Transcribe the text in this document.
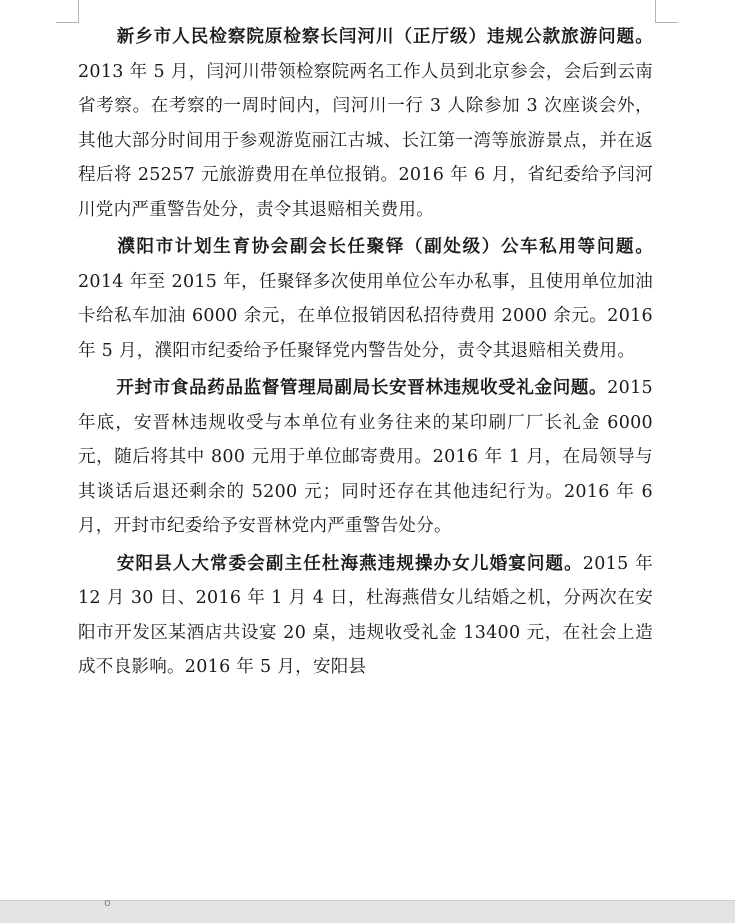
新乡市人民检察院原检察长闫河川（正厅级）违规公款旅游问题。2013 年 5 月，闫河川带领检察院两名工作人员到北京参会，会后到云南省考察。在考察的一周时间内，闫河川一行 3 人除参加 3 次座谈会外，其他大部分时间用于参观游览丽江古城、长江第一湾等旅游景点，并在返程后将 25257 元旅游费用在单位报销。2016 年 6 月，省纪委给予闫河川党内严重警告处分，责令其退赔相关费用。

濮阳市计划生育协会副会长任聚铎（副处级）公车私用等问题。2014 年至 2015 年，任聚铎多次使用单位公车办私事，且使用单位加油卡给私车加油 6000 余元，在单位报销因私招待费用 2000 余元。2016 年 5 月，濮阳市纪委给予任聚铎党内警告处分，责令其退赔相关费用。

开封市食品药品监督管理局副局长安晋林违规收受礼金问题。2015 年底，安晋林违规收受与本单位有业务往来的某印刷厂厂长礼金 6000 元，随后将其中 800 元用于单位邮寄费用。2016 年 1 月，在局领导与其谈话后退还剩余的 5200 元；同时还存在其他违纪行为。2016 年 6 月，开封市纪委给予安晋林党内严重警告处分。

安阳县人大常委会副主任杜海燕违规操办女儿婚宴问题。2015 年 12 月 30 日、2016 年 1 月 4 日，杜海燕借女儿结婚之机，分两次在安阳市开发区某酒店共设宴 20 桌，违规收受礼金 13400 元，在社会上造成不良影响。2016 年 5 月，安阳县

o
